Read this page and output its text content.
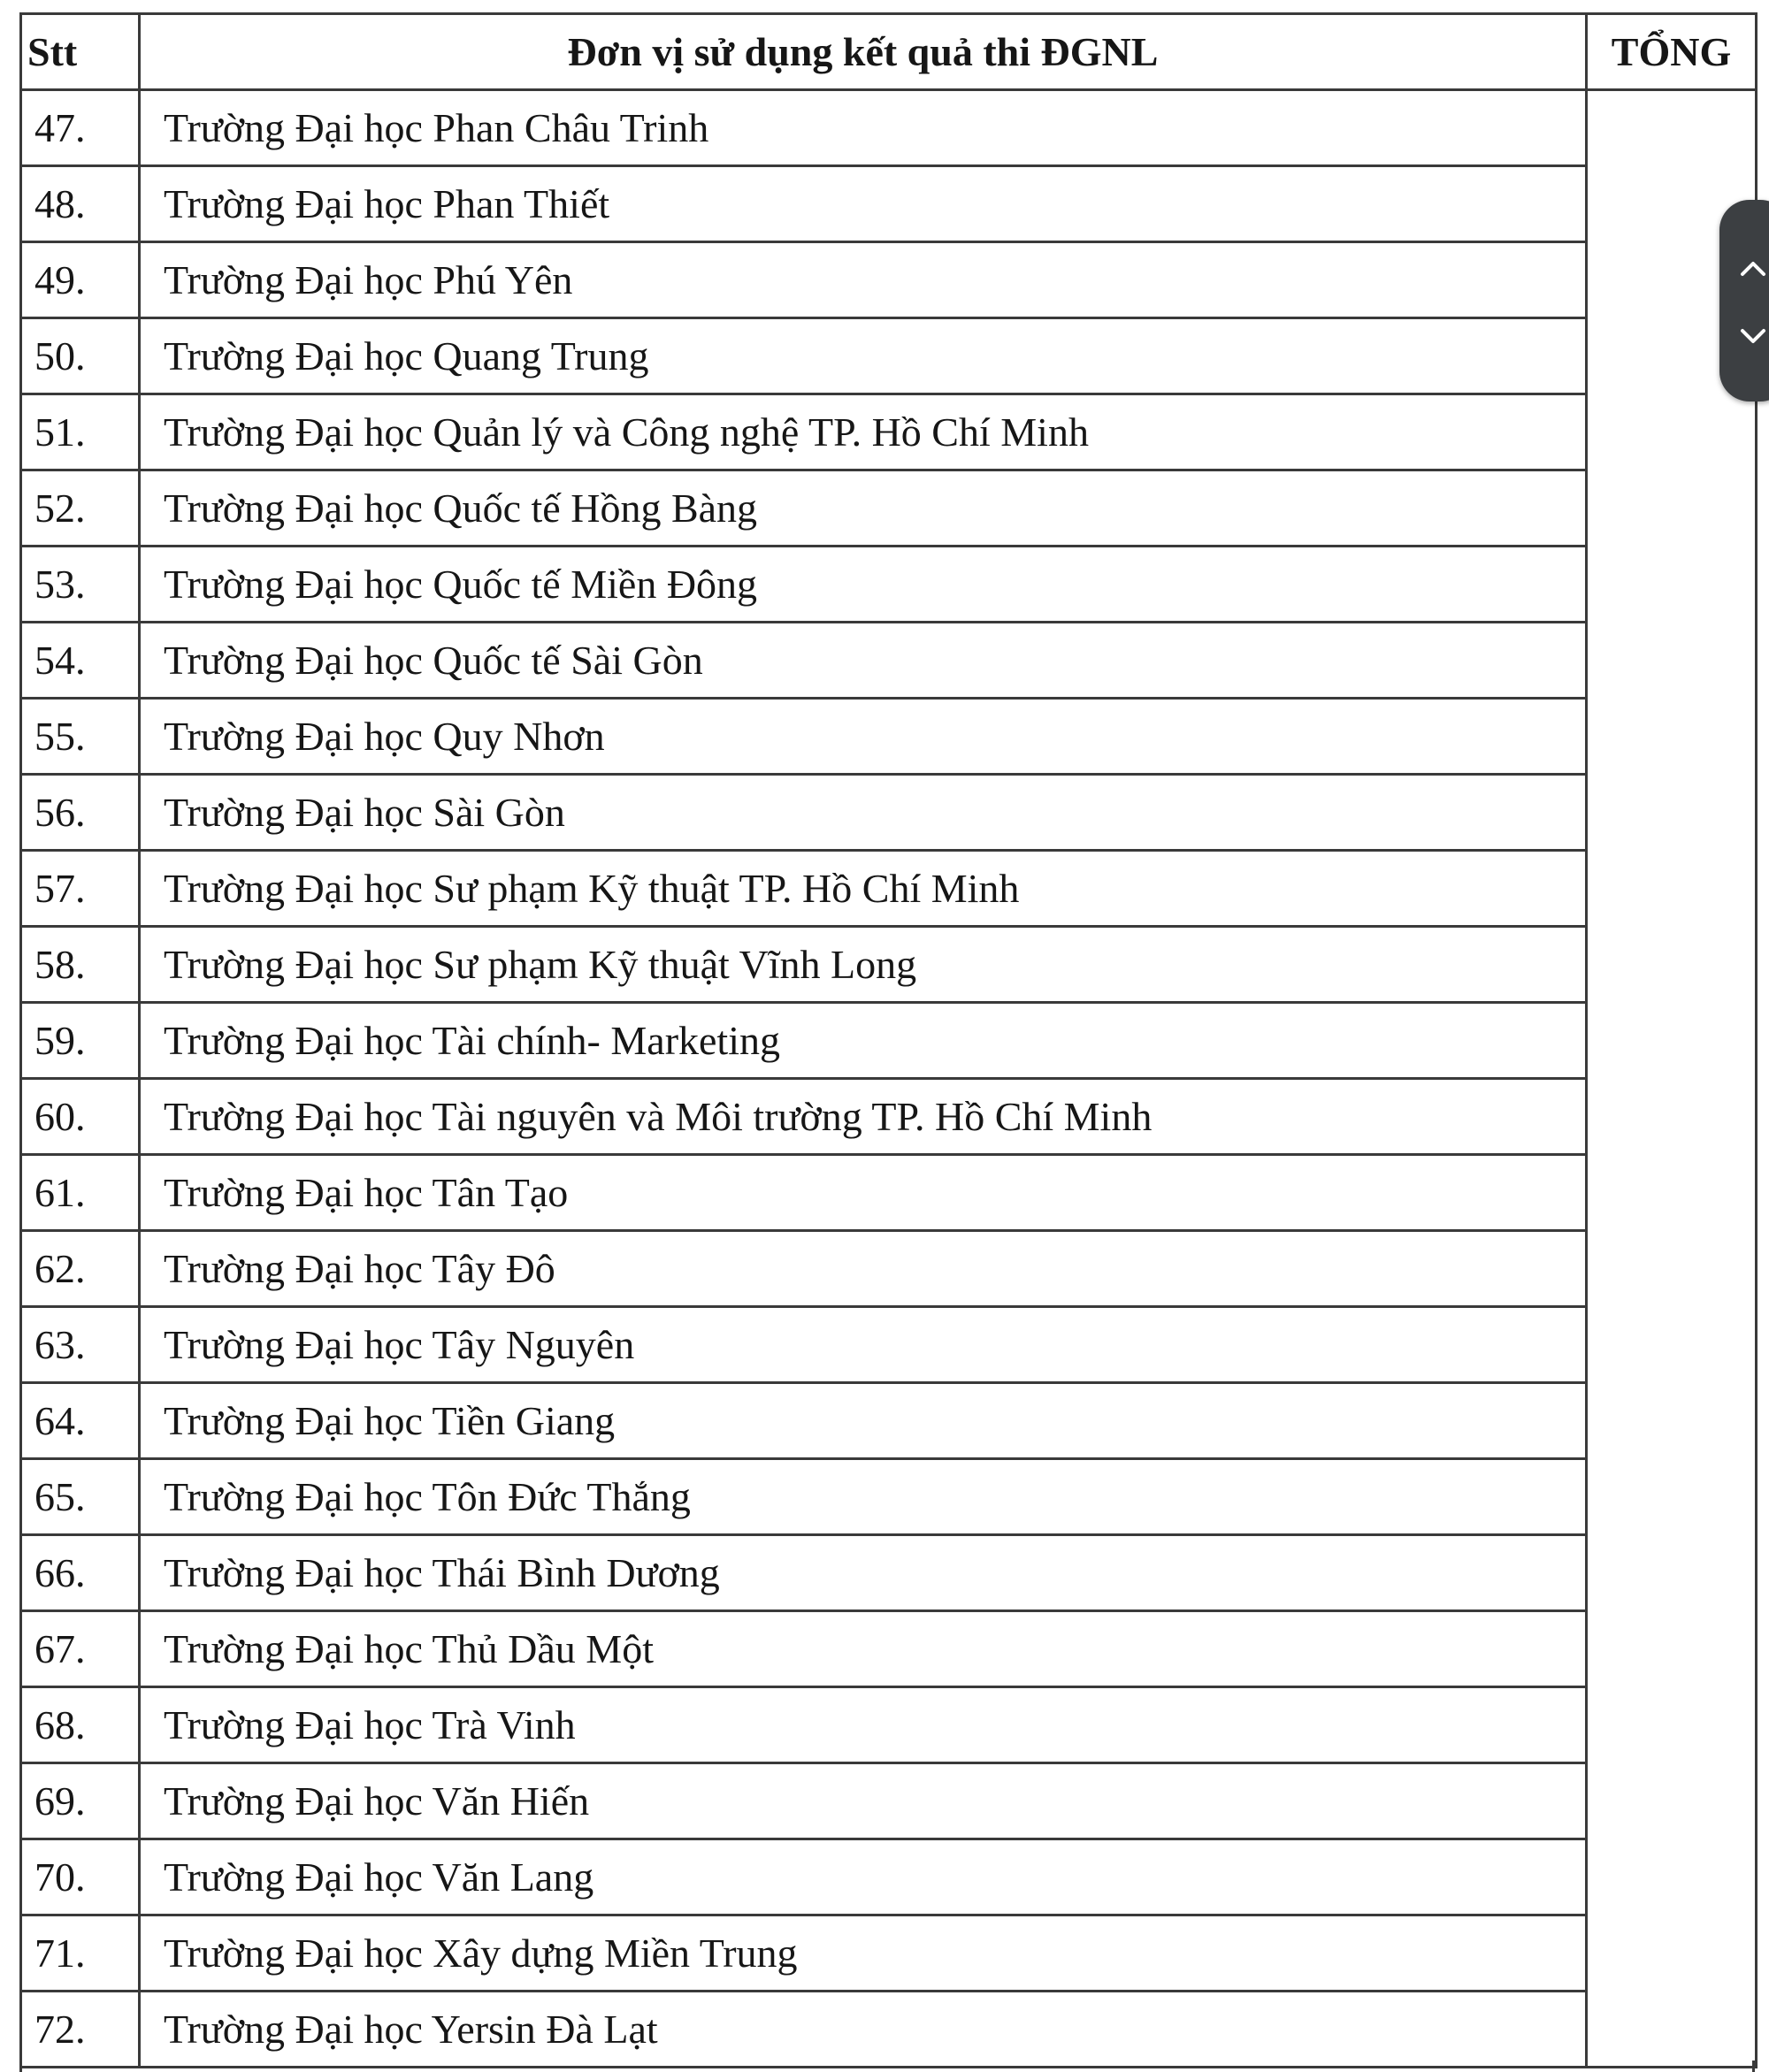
Stt	Đơn vị sử dụng kết quả thi ĐGNL	TỔNG
47.	Trường Đại học Phan Châu Trinh	
48.	Trường Đại học Phan Thiết	
49.	Trường Đại học Phú Yên	
50.	Trường Đại học Quang Trung	
51.	Trường Đại học Quản lý và Công nghệ TP. Hồ Chí Minh	
52.	Trường Đại học Quốc tế Hồng Bàng	
53.	Trường Đại học Quốc tế Miền Đông	
54.	Trường Đại học Quốc tế Sài Gòn	
55.	Trường Đại học Quy Nhơn	
56.	Trường Đại học Sài Gòn	
57.	Trường Đại học Sư phạm Kỹ thuật TP. Hồ Chí Minh	
58.	Trường Đại học Sư phạm Kỹ thuật Vĩnh Long	
59.	Trường Đại học Tài chính- Marketing	
60.	Trường Đại học Tài nguyên và Môi trường TP. Hồ Chí Minh	
61.	Trường Đại học Tân Tạo	
62.	Trường Đại học Tây Đô	
63.	Trường Đại học Tây Nguyên	
64.	Trường Đại học Tiền Giang	
65.	Trường Đại học Tôn Đức Thắng	
66.	Trường Đại học Thái Bình Dương	
67.	Trường Đại học Thủ Dầu Một	
68.	Trường Đại học Trà Vinh	
69.	Trường Đại học Văn Hiến	
70.	Trường Đại học Văn Lang	
71.	Trường Đại học Xây dựng Miền Trung	
72.	Trường Đại học Yersin Đà Lạt	
